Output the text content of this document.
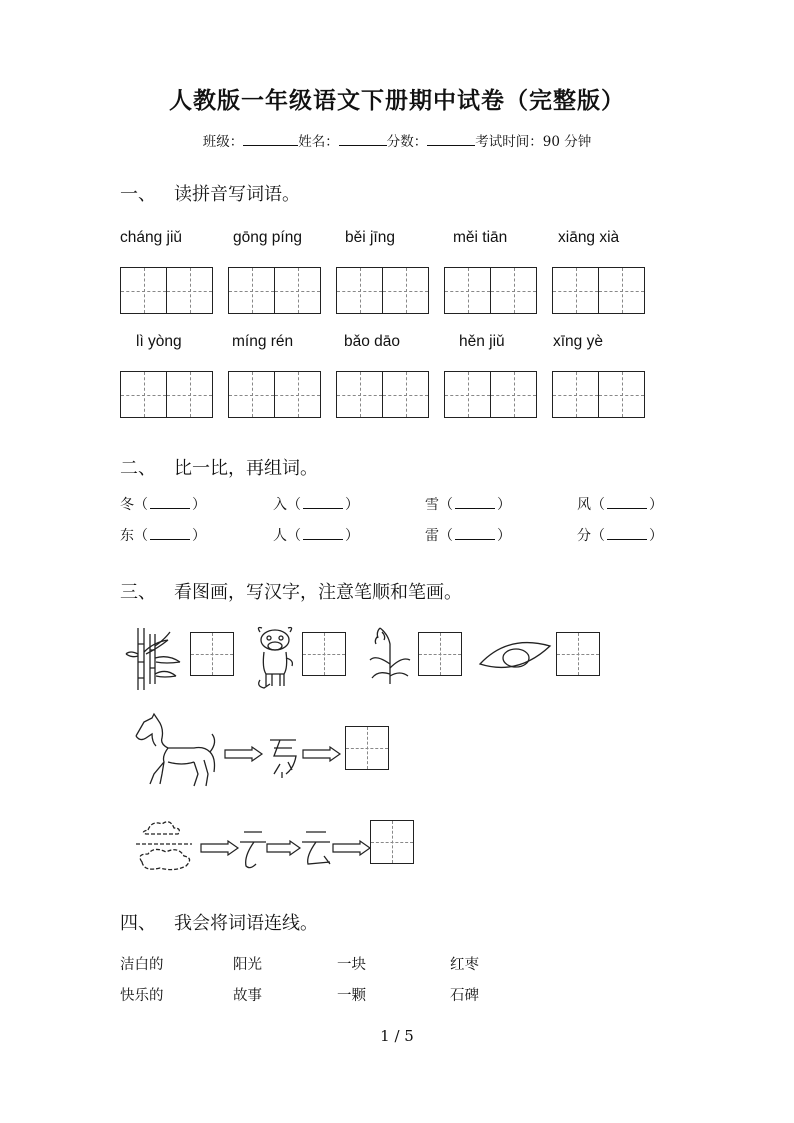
人教版一年级语文下册期中试卷（完整版）
班级：	姓名：	分数：	考试时间：90 分钟
一、 读拼音写词语。
cháng jiǔ	gōng píng	běi jīng	měi tiān	xiāng xià
lì yòng	míng rén	bǎo dāo	hěn jiǔ	xīng yè
二、 比一比，再组词。
冬（	）	入（	）	雪（	）	风（	）
东（	）	人（	）	雷（	）	分（	）
三、 看图画，写汉字，注意笔顺和笔画。
四、 我会将词语连线。
洁白的	阳光	一块	红枣
快乐的	故事	一颗	石碑
1 / 5
